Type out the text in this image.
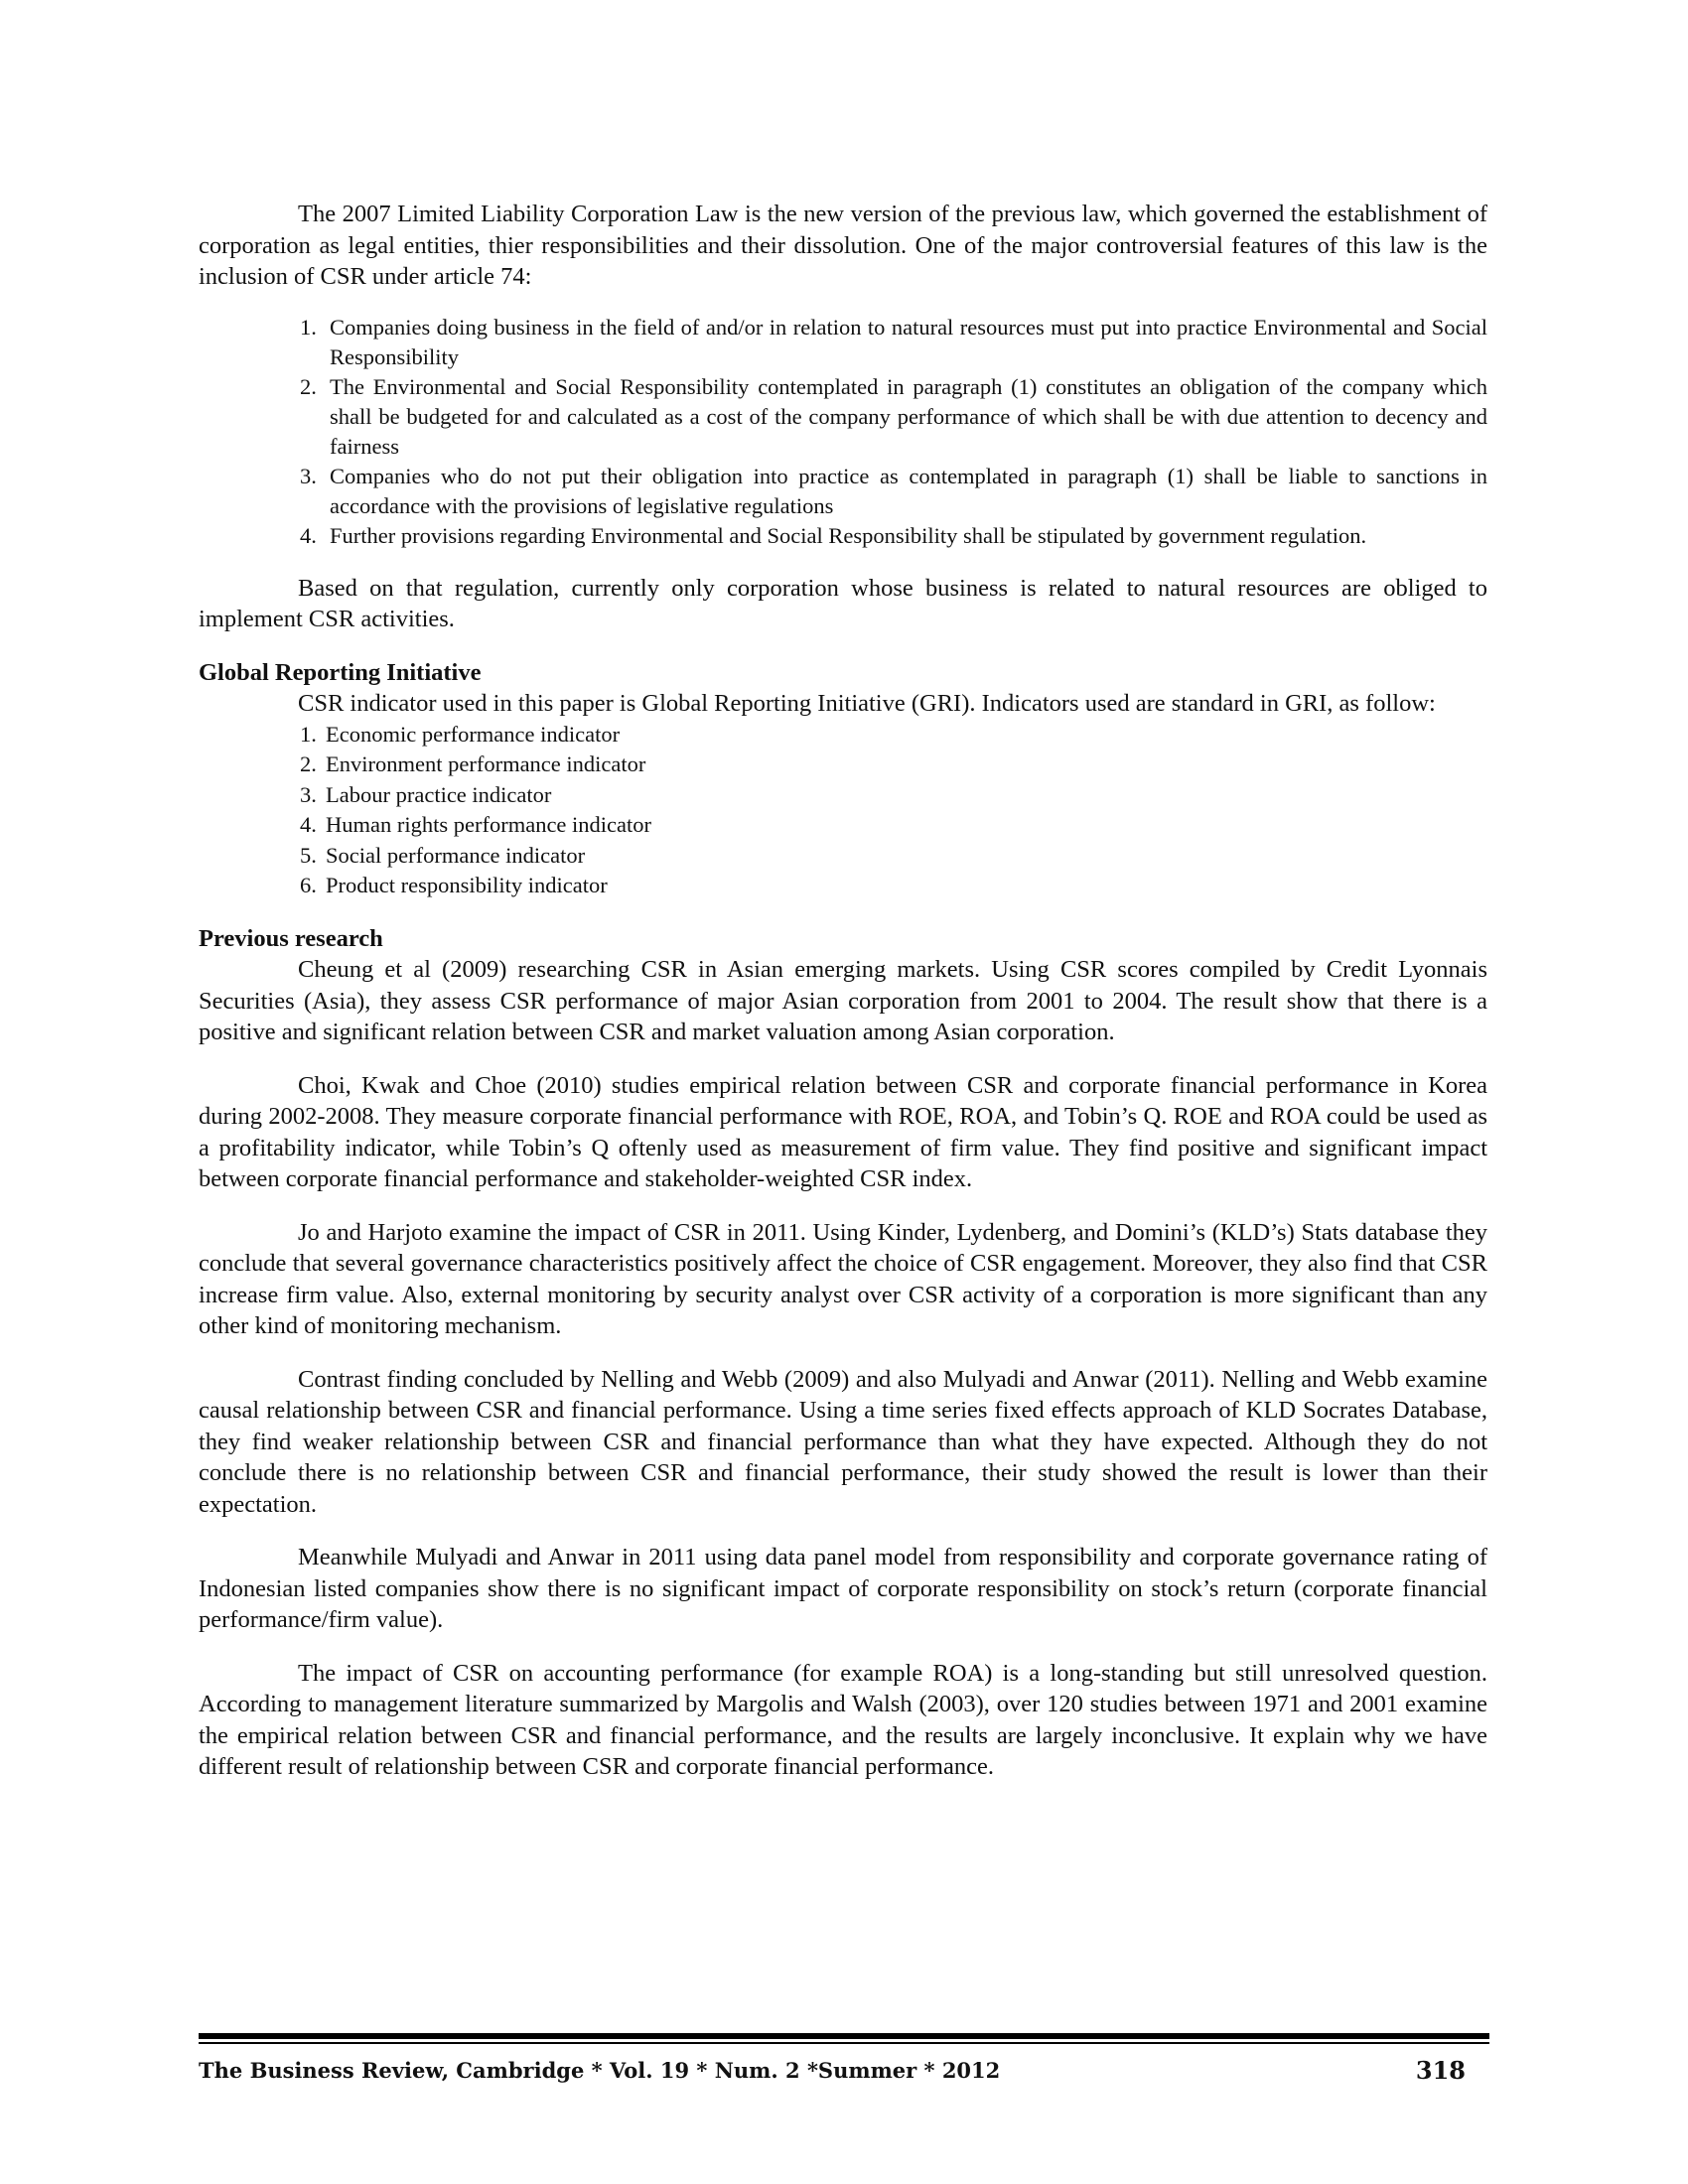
The 2007 Limited Liability Corporation Law is the new version of the previous law, which governed the establishment of corporation as legal entities, thier responsibilities and their dissolution. One of the major controversial features of this law is the inclusion of CSR under article 74:

1. Companies doing business in the field of and/or in relation to natural resources must put into practice Environmental and Social Responsibility
2. The Environmental and Social Responsibility contemplated in paragraph (1) constitutes an obligation of the company which shall be budgeted for and calculated as a cost of the company performance of which shall be with due attention to decency and fairness
3. Companies who do not put their obligation into practice as contemplated in paragraph (1) shall be liable to sanctions in accordance with the provisions of legislative regulations
4. Further provisions regarding Environmental and Social Responsibility shall be stipulated by government regulation.

Based on that regulation, currently only corporation whose business is related to natural resources are obliged to implement CSR activities.

Global Reporting Initiative

CSR indicator used in this paper is Global Reporting Initiative (GRI). Indicators used are standard in GRI, as follow:

1. Economic performance indicator
2. Environment performance indicator
3. Labour practice indicator
4. Human rights performance indicator
5. Social performance indicator
6. Product responsibility indicator
Previous research

Cheung et al (2009) researching CSR in Asian emerging markets. Using CSR scores compiled by Credit Lyonnais Securities (Asia), they assess CSR performance of major Asian corporation from 2001 to 2004. The result show that there is a positive and significant relation between CSR and market valuation among Asian corporation.

Choi, Kwak and Choe (2010) studies empirical relation between CSR and corporate financial performance in Korea during 2002-2008. They measure corporate financial performance with ROE, ROA, and Tobin’s Q. ROE and ROA could be used as a profitability indicator, while Tobin’s Q oftenly used as measurement of firm value. They find positive and significant impact between corporate financial performance and stakeholder-weighted CSR index.

Jo and Harjoto examine the impact of CSR in 2011. Using Kinder, Lydenberg, and Domini’s (KLD’s) Stats database they conclude that several governance characteristics positively affect the choice of CSR engagement. Moreover, they also find that CSR increase firm value. Also, external monitoring by security analyst over CSR activity of a corporation is more significant than any other kind of monitoring mechanism.

Contrast finding concluded by Nelling and Webb (2009) and also Mulyadi and Anwar (2011). Nelling and Webb examine causal relationship between CSR and financial performance. Using a time series fixed effects approach of KLD Socrates Database, they find weaker relationship between CSR and financial performance than what they have expected. Although they do not conclude there is no relationship between CSR and financial performance, their study showed the result is lower than their expectation.

Meanwhile Mulyadi and Anwar in 2011 using data panel model from responsibility and corporate governance rating of Indonesian listed companies show there is no significant impact of corporate responsibility on stock’s return (corporate financial performance/firm value).

The impact of CSR on accounting performance (for example ROA) is a long-standing but still unresolved question. According to management literature summarized by Margolis and Walsh (2003), over 120 studies between 1971 and 2001 examine the empirical relation between CSR and financial performance, and the results are largely inconclusive. It explain why we have different result of relationship between CSR and corporate financial performance.

The Business Review, Cambridge * Vol. 19 * Num. 2 *Summer * 2012	318
